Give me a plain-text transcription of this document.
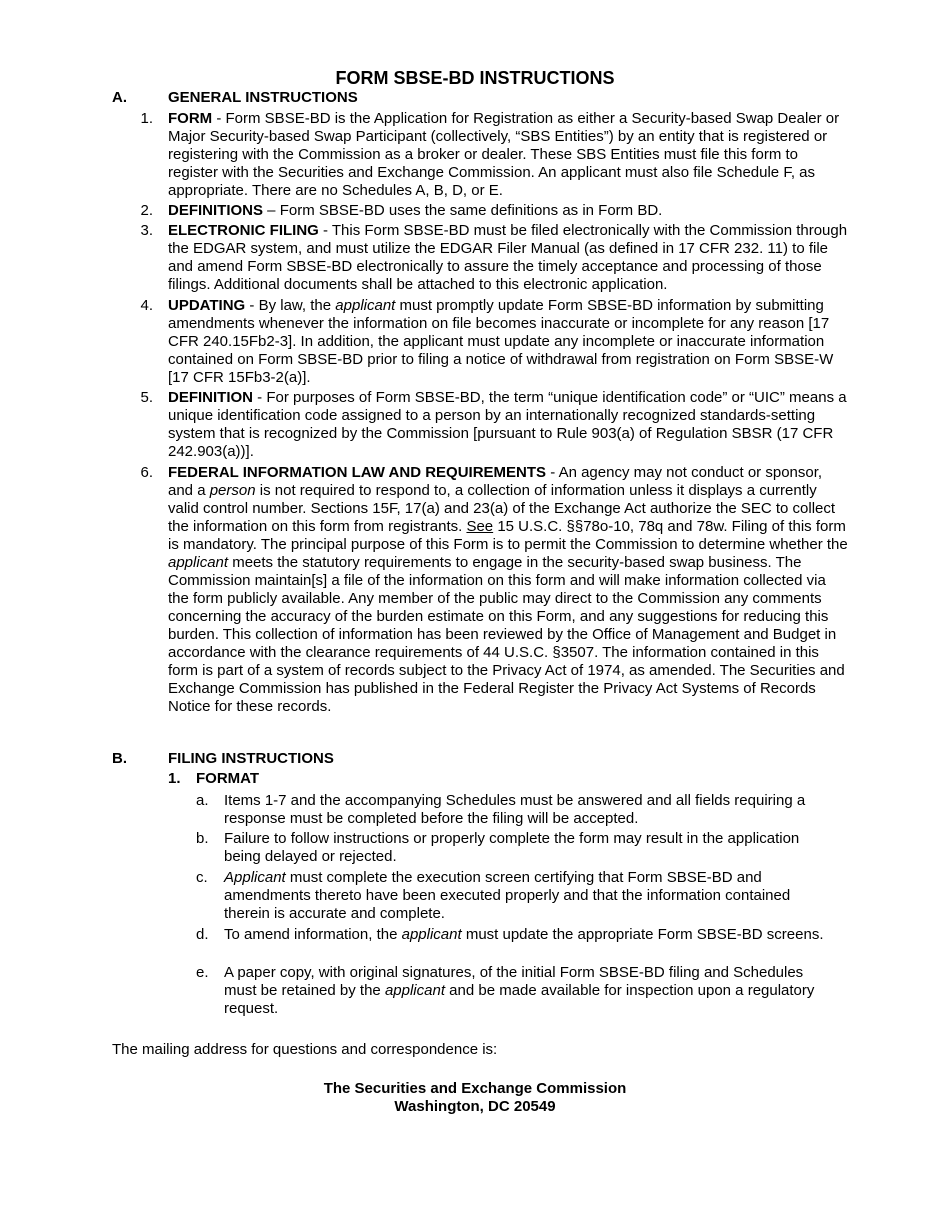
FORM SBSE-BD INSTRUCTIONS
A.	GENERAL INSTRUCTIONS
1. FORM - Form SBSE-BD is the Application for Registration as either a Security-based Swap Dealer or Major Security-based Swap Participant (collectively, “SBS Entities”) by an entity that is registered or registering with the Commission as a broker or dealer. These SBS Entities must file this form to register with the Securities and Exchange Commission. An applicant must also file Schedule F, as appropriate. There are no Schedules A, B, D, or E.
2. DEFINITIONS – Form SBSE-BD uses the same definitions as in Form BD.
3. ELECTRONIC FILING - This Form SBSE-BD must be filed electronically with the Commission through the EDGAR system, and must utilize the EDGAR Filer Manual (as defined in 17 CFR 232. 11) to file and amend Form SBSE-BD electronically to assure the timely acceptance and processing of those filings. Additional documents shall be attached to this electronic application.
4. UPDATING - By law, the applicant must promptly update Form SBSE-BD information by submitting amendments whenever the information on file becomes inaccurate or incomplete for any reason [17 CFR 240.15Fb2-3]. In addition, the applicant must update any incomplete or inaccurate information contained on Form SBSE-BD prior to filing a notice of withdrawal from registration on Form SBSE-W [17 CFR 15Fb3-2(a)].
5. DEFINITION - For purposes of Form SBSE-BD, the term “unique identification code” or “UIC” means a unique identification code assigned to a person by an internationally recognized standards-setting system that is recognized by the Commission [pursuant to Rule 903(a) of Regulation SBSR (17 CFR 242.903(a))].
6. FEDERAL INFORMATION LAW AND REQUIREMENTS - An agency may not conduct or sponsor, and a person is not required to respond to, a collection of information unless it displays a currently valid control number. Sections 15F, 17(a) and 23(a) of the Exchange Act authorize the SEC to collect the information on this form from registrants. See 15 U.S.C. §§78o-10, 78q and 78w. Filing of this form is mandatory. The principal purpose of this Form is to permit the Commission to determine whether the applicant meets the statutory requirements to engage in the security-based swap business. The Commission maintain[s] a file of the information on this form and will make information collected via the form publicly available. Any member of the public may direct to the Commission any comments concerning the accuracy of the burden estimate on this Form, and any suggestions for reducing this burden. This collection of information has been reviewed by the Office of Management and Budget in accordance with the clearance requirements of 44 U.S.C. §3507. The information contained in this form is part of a system of records subject to the Privacy Act of 1974, as amended. The Securities and Exchange Commission has published in the Federal Register the Privacy Act Systems of Records Notice for these records.
B.	FILING INSTRUCTIONS
1. FORMAT
a. Items 1-7 and the accompanying Schedules must be answered and all fields requiring a response must be completed before the filing will be accepted.
b. Failure to follow instructions or properly complete the form may result in the application being delayed or rejected.
c. Applicant must complete the execution screen certifying that Form SBSE-BD and amendments thereto have been executed properly and that the information contained therein is accurate and complete.
d. To amend information, the applicant must update the appropriate Form SBSE-BD screens.
e. A paper copy, with original signatures, of the initial Form SBSE-BD filing and Schedules must be retained by the applicant and be made available for inspection upon a regulatory request.
The mailing address for questions and correspondence is:
The Securities and Exchange Commission
Washington, DC 20549
